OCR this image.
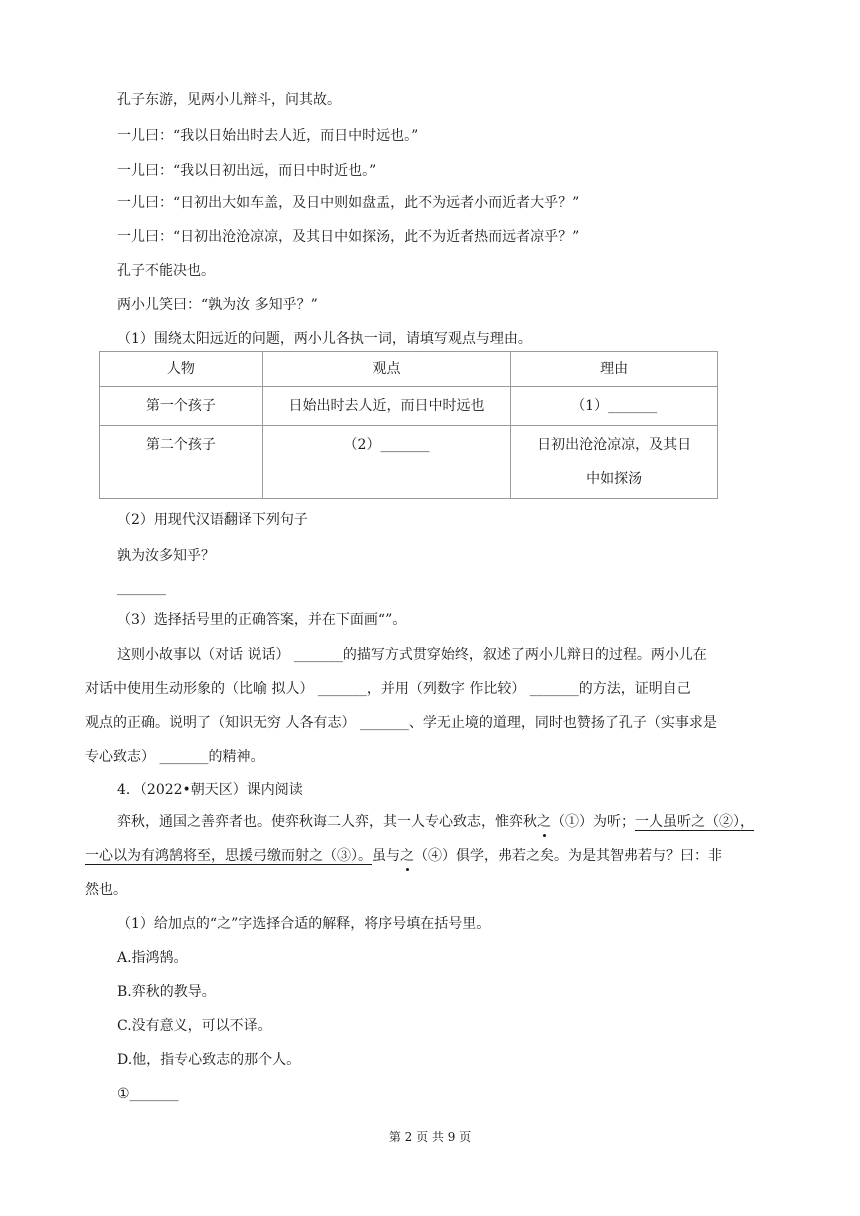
孔子东游，见两小儿辩斗，问其故。
一儿曰：“我以日始出时去人近，而日中时远也。”
一儿曰：“我以日初出远，而日中时近也。”
一儿曰：“日初出大如车盖，及日中则如盘盂，此不为远者小而近者大乎？”
一儿曰：“日初出沧沧凉凉，及其日中如探汤，此不为近者热而远者凉乎？”
孔子不能决也。
两小儿笑曰：“孰为汝 多知乎？”
（1）围绕太阳远近的问题，两小儿各执一词，请填写观点与理由。
人物	观点	理由
第一个孩子	日始出时去人近，而日中时远也	（1）_______
第二个孩子	（2）_______	日初出沧沧凉凉，及其日
中如探汤
（2）用现代汉语翻译下列句子
孰为汝多知乎？
_______
（3）选择括号里的正确答案，并在下面画“”。
这则小故事以（对话 说话） _______的描写方式贯穿始终，叙述了两小儿辩日的过程。两小儿在
对话中使用生动形象的（比喻 拟人） _______，并用（列数字 作比较） _______的方法，证明自己
观点的正确。说明了（知识无穷 人各有志） _______、学无止境的道理，同时也赞扬了孔子（实事求是
专心致志） _______的精神。
4．（2022•朝天区）课内阅读
弈秋，通国之善弈者也。使弈秋诲二人弈，其一人专心致志，惟弈秋之（①）为听；一人虽听之（②），
一心以为有鸿鹄将至，思援弓缴而射之（③）。虽与之（④）俱学，弗若之矣。为是其智弗若与？曰：非
然也。
（1）给加点的“之”字选择合适的解释，将序号填在括号里。
A.指鸿鹄。
B.弈秋的教导。
C.没有意义，可以不译。
D.他，指专心致志的那个人。
①_______
第 2 页 共 9 页
